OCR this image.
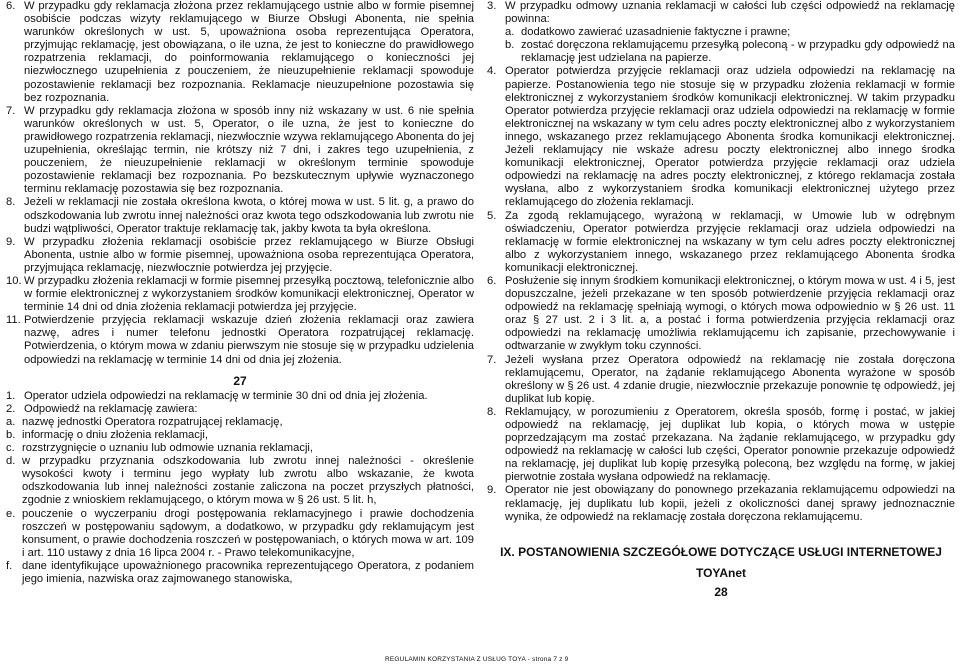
6. W przypadku gdy reklamacja złożona przez reklamującego ustnie albo w formie pisemnej osobiście podczas wizyty reklamującego w Biurze Obsługi Abonenta, nie spełnia warunków określonych w ust. 5, upoważniona osoba reprezentująca Operatora, przyjmując reklamację, jest obowiązana, o ile uzna, że jest to konieczne do prawidłowego rozpatrzenia reklamacji, do poinformowania reklamującego o konieczności jej niezwłocznego uzupełnienia z pouczeniem, że nieuzupełnienie reklamacji spowoduje pozostawienie reklamacji bez rozpoznania. Reklamacje nieuzupełnione pozostawia się bez rozpoznania.
7. W przypadku gdy reklamacja złożona w sposób inny niż wskazany w ust. 6 nie spełnia warunków określonych w ust. 5, Operator, o ile uzna, że jest to konieczne do prawidłowego rozpatrzenia reklamacji, niezwłocznie wzywa reklamującego Abonenta do jej uzupełnienia, określając termin, nie krótszy niż 7 dni, i zakres tego uzupełnienia, z pouczeniem, że nieuzupełnienie reklamacji w określonym terminie spowoduje pozostawienie reklamacji bez rozpoznania. Po bezskutecznym upływie wyznaczonego terminu reklamację pozostawia się bez rozpoznania.
8. Jeżeli w reklamacji nie została określona kwota, o której mowa w ust. 5 lit. g, a prawo do odszkodowania lub zwrotu innej należności oraz kwota tego odszkodowania lub zwrotu nie budzi wątpliwości, Operator traktuje reklamację tak, jakby kwota ta była określona.
9. W przypadku złożenia reklamacji osobiście przez reklamującego w Biurze Obsługi Abonenta, ustnie albo w formie pisemnej, upoważniona osoba reprezentująca Operatora, przyjmująca reklamację, niezwłocznie potwierdza jej przyjęcie.
10. W przypadku złożenia reklamacji w formie pisemnej przesyłką pocztową, telefonicznie albo w formie elektronicznej z wykorzystaniem środków komunikacji elektronicznej, Operator w terminie 14 dni od dnia złożenia reklamacji potwierdza jej przyjęcie.
11. Potwierdzenie przyjęcia reklamacji wskazuje dzień złożenia reklamacji oraz zawiera nazwę, adres i numer telefonu jednostki Operatora rozpatrującej reklamację. Potwierdzenia, o którym mowa w zdaniu pierwszym nie stosuje się w przypadku udzielenia odpowiedzi na reklamację w terminie 14 dni od dnia jej złożenia.
27
1. Operator udziela odpowiedzi na reklamację w terminie 30 dni od dnia jej złożenia.
2. Odpowiedź na reklamację zawiera:
a. nazwę jednostki Operatora rozpatrującej reklamację,
b. informację o dniu złożenia reklamacji,
c. rozstrzygnięcie o uznaniu lub odmowie uznania reklamacji,
d. w przypadku przyznania odszkodowania lub zwrotu innej należności - określenie wysokości kwoty i terminu jego wypłaty lub zwrotu albo wskazanie, że kwota odszkodowania lub innej należności zostanie zaliczona na poczet przyszłych płatności, zgodnie z wnioskiem reklamującego, o którym mowa w § 26 ust. 5 lit. h,
e. pouczenie o wyczerpaniu drogi postępowania reklamacyjnego i prawie dochodzenia roszczeń w postępowaniu sądowym, a dodatkowo, w przypadku gdy reklamującym jest konsument, o prawie dochodzenia roszczeń w postępowaniach, o których mowa w art. 109 i art. 110 ustawy z dnia 16 lipca 2004 r. - Prawo telekomunikacyjne,
f. dane identyfikujące upoważnionego pracownika reprezentującego Operatora, z podaniem jego imienia, nazwiska oraz zajmowanego stanowiska,
3. W przypadku odmowy uznania reklamacji w całości lub części odpowiedź na reklamację powinna:
a. dodatkowo zawierać uzasadnienie faktyczne i prawne;
b. zostać doręczona reklamującemu przesyłką poleconą - w przypadku gdy odpowiedź na reklamację jest udzielana na papierze.
4. Operator potwierdza przyjęcie reklamacji oraz udziela odpowiedzi na reklamację na papierze. Postanowienia tego nie stosuje się w przypadku złożenia reklamacji w formie elektronicznej z wykorzystaniem środków komunikacji elektronicznej. W takim przypadku Operator potwierdza przyjęcie reklamacji oraz udziela odpowiedzi na reklamację w formie elektronicznej na wskazany w tym celu adres poczty elektronicznej albo z wykorzystaniem innego, wskazanego przez reklamującego Abonenta środka komunikacji elektronicznej. Jeżeli reklamujący nie wskaże adresu poczty elektronicznej albo innego środka komunikacji elektronicznej, Operator potwierdza przyjęcie reklamacji oraz udziela odpowiedzi na reklamację na adres poczty elektronicznej, z którego reklamacja została wysłana, albo z wykorzystaniem środka komunikacji elektronicznej użytego przez reklamującego do złożenia reklamacji.
5. Za zgodą reklamującego, wyrażoną w reklamacji, w Umowie lub w odrębnym oświadczeniu, Operator potwierdza przyjęcie reklamacji oraz udziela odpowiedzi na reklamację w formie elektronicznej na wskazany w tym celu adres poczty elektronicznej albo z wykorzystaniem innego, wskazanego przez reklamującego Abonenta środka komunikacji elektronicznej.
6. Posłużenie się innym środkiem komunikacji elektronicznej, o którym mowa w ust. 4 i 5, jest dopuszczalne, jeżeli przekazane w ten sposób potwierdzenie przyjęcia reklamacji oraz odpowiedź na reklamację spełniają wymogi, o których mowa odpowiednio w § 26 ust. 11 oraz § 27 ust. 2 i 3 lit. a, a postać i forma potwierdzenia przyjęcia reklamacji oraz odpowiedzi na reklamację umożliwia reklamującemu ich zapisanie, przechowywanie i odtwarzanie w zwykłym toku czynności.
7. Jeżeli wysłana przez Operatora odpowiedź na reklamację nie została doręczona reklamującemu, Operator, na żądanie reklamującego Abonenta wyrażone w sposób określony w § 26 ust. 4 zdanie drugie, niezwłocznie przekazuje ponownie tę odpowiedź, jej duplikat lub kopię.
8. Reklamujący, w porozumieniu z Operatorem, określa sposób, formę i postać, w jakiej odpowiedź na reklamację, jej duplikat lub kopia, o których mowa w ustępie poprzedzającym ma zostać przekazana. Na żądanie reklamującego, w przypadku gdy odpowiedź na reklamację w całości lub części, Operator ponownie przekazuje odpowiedź na reklamację, jej duplikat lub kopię przesyłką poleconą, bez względu na formę, w jakiej pierwotnie została wysłana odpowiedź na reklamację.
9. Operator nie jest obowiązany do ponownego przekazania reklamującemu odpowiedzi na reklamację, jej duplikatu lub kopii, jeżeli z okoliczności danej sprawy jednoznacznie wynika, że odpowiedź na reklamację została doręczona reklamującemu.
IX. POSTANOWIENIA SZCZEGÓŁOWE DOTYCZĄCE USŁUGI INTERNETOWEJ
TOYAnet
28
REGULAMIN KORZYSTANIA Z USŁUG TOYA - strona 7 z 9
